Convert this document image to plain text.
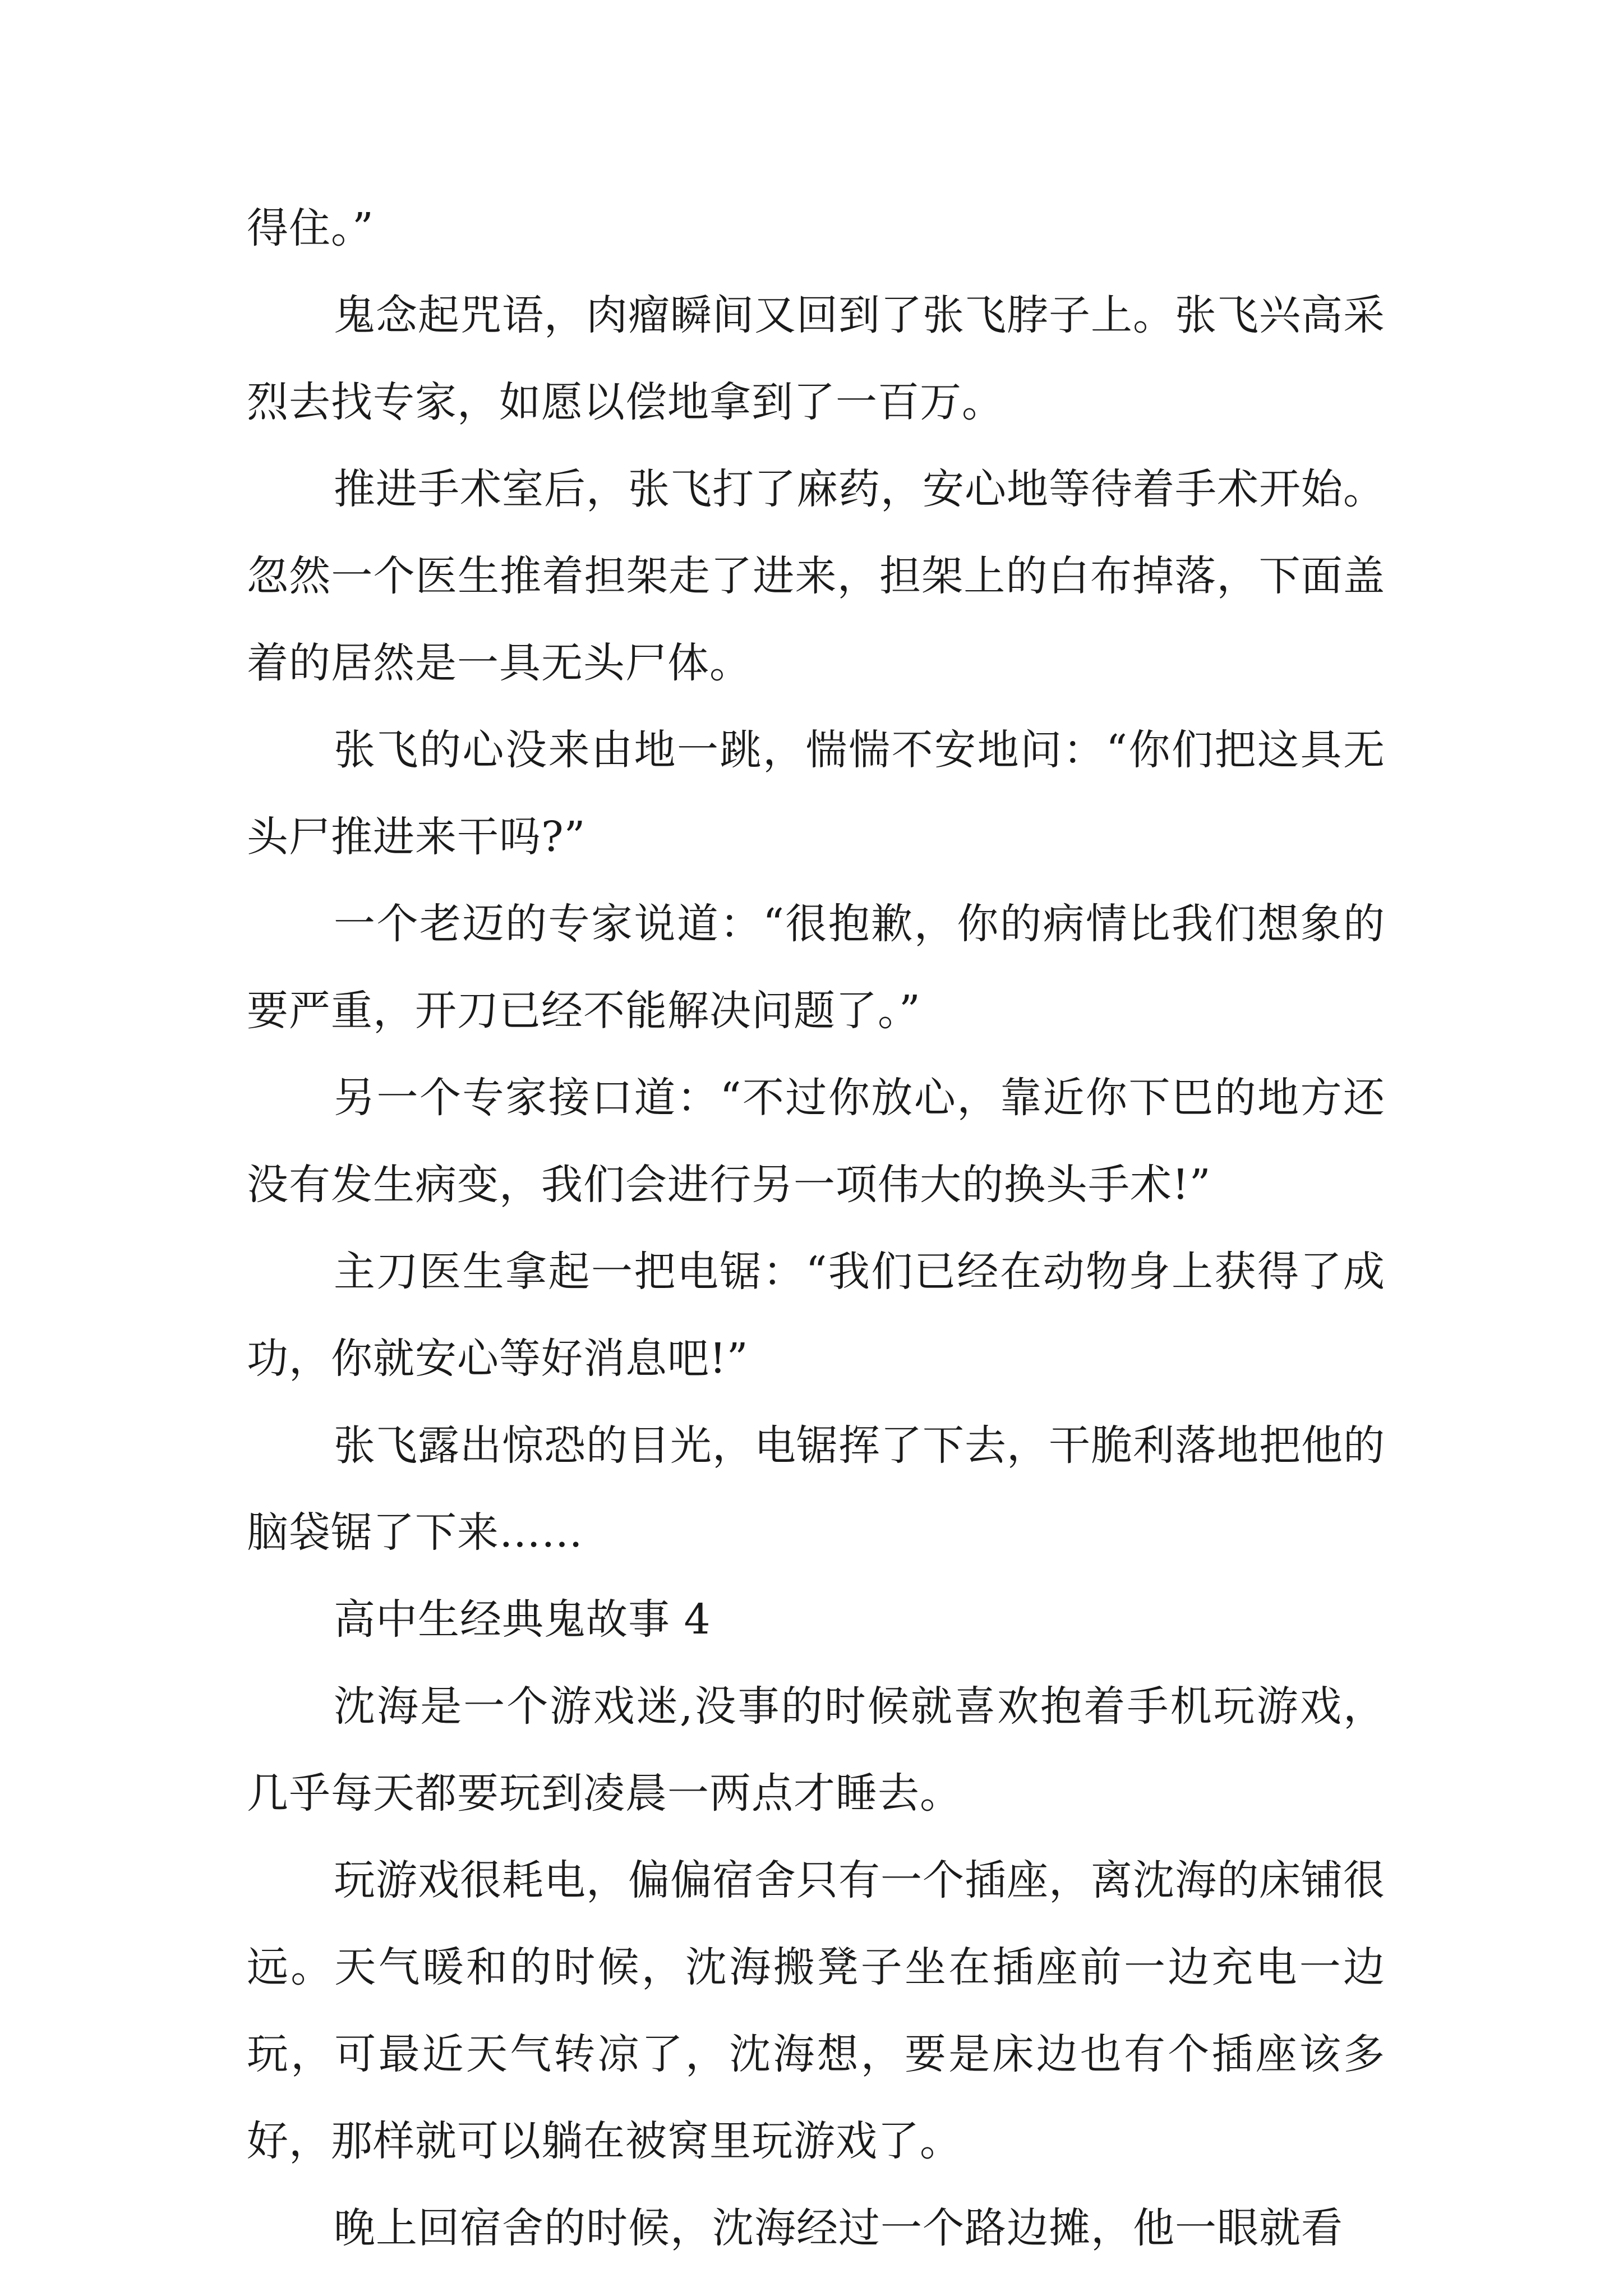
得住。”

鬼念起咒语，肉瘤瞬间又回到了张飞脖子上。张飞兴高采烈去找专家，如愿以偿地拿到了一百万。

推进手术室后，张飞打了麻药，安心地等待着手术开始。忽然一个医生推着担架走了进来，担架上的白布掉落，下面盖着的居然是一具无头尸体。

张飞的心没来由地一跳，惴惴不安地问：“你们把这具无头尸推进来干吗?”

一个老迈的专家说道：“很抱歉，你的病情比我们想象的要严重，开刀已经不能解决问题了。”

另一个专家接口道：“不过你放心，靠近你下巴的地方还没有发生病变，我们会进行另一项伟大的换头手术!”

主刀医生拿起一把电锯：“我们已经在动物身上获得了成功，你就安心等好消息吧!”

张飞露出惊恐的目光，电锯挥了下去，干脆利落地把他的脑袋锯了下来……

高中生经典鬼故事 4

沈海是一个游戏迷,没事的时候就喜欢抱着手机玩游戏，几乎每天都要玩到凌晨一两点才睡去。

玩游戏很耗电，偏偏宿舍只有一个插座，离沈海的床铺很远。天气暖和的时候，沈海搬凳子坐在插座前一边充电一边玩，可最近天气转凉了，沈海想，要是床边也有个插座该多好，那样就可以躺在被窝里玩游戏了。

晚上回宿舍的时候，沈海经过一个路边摊，他一眼就看
